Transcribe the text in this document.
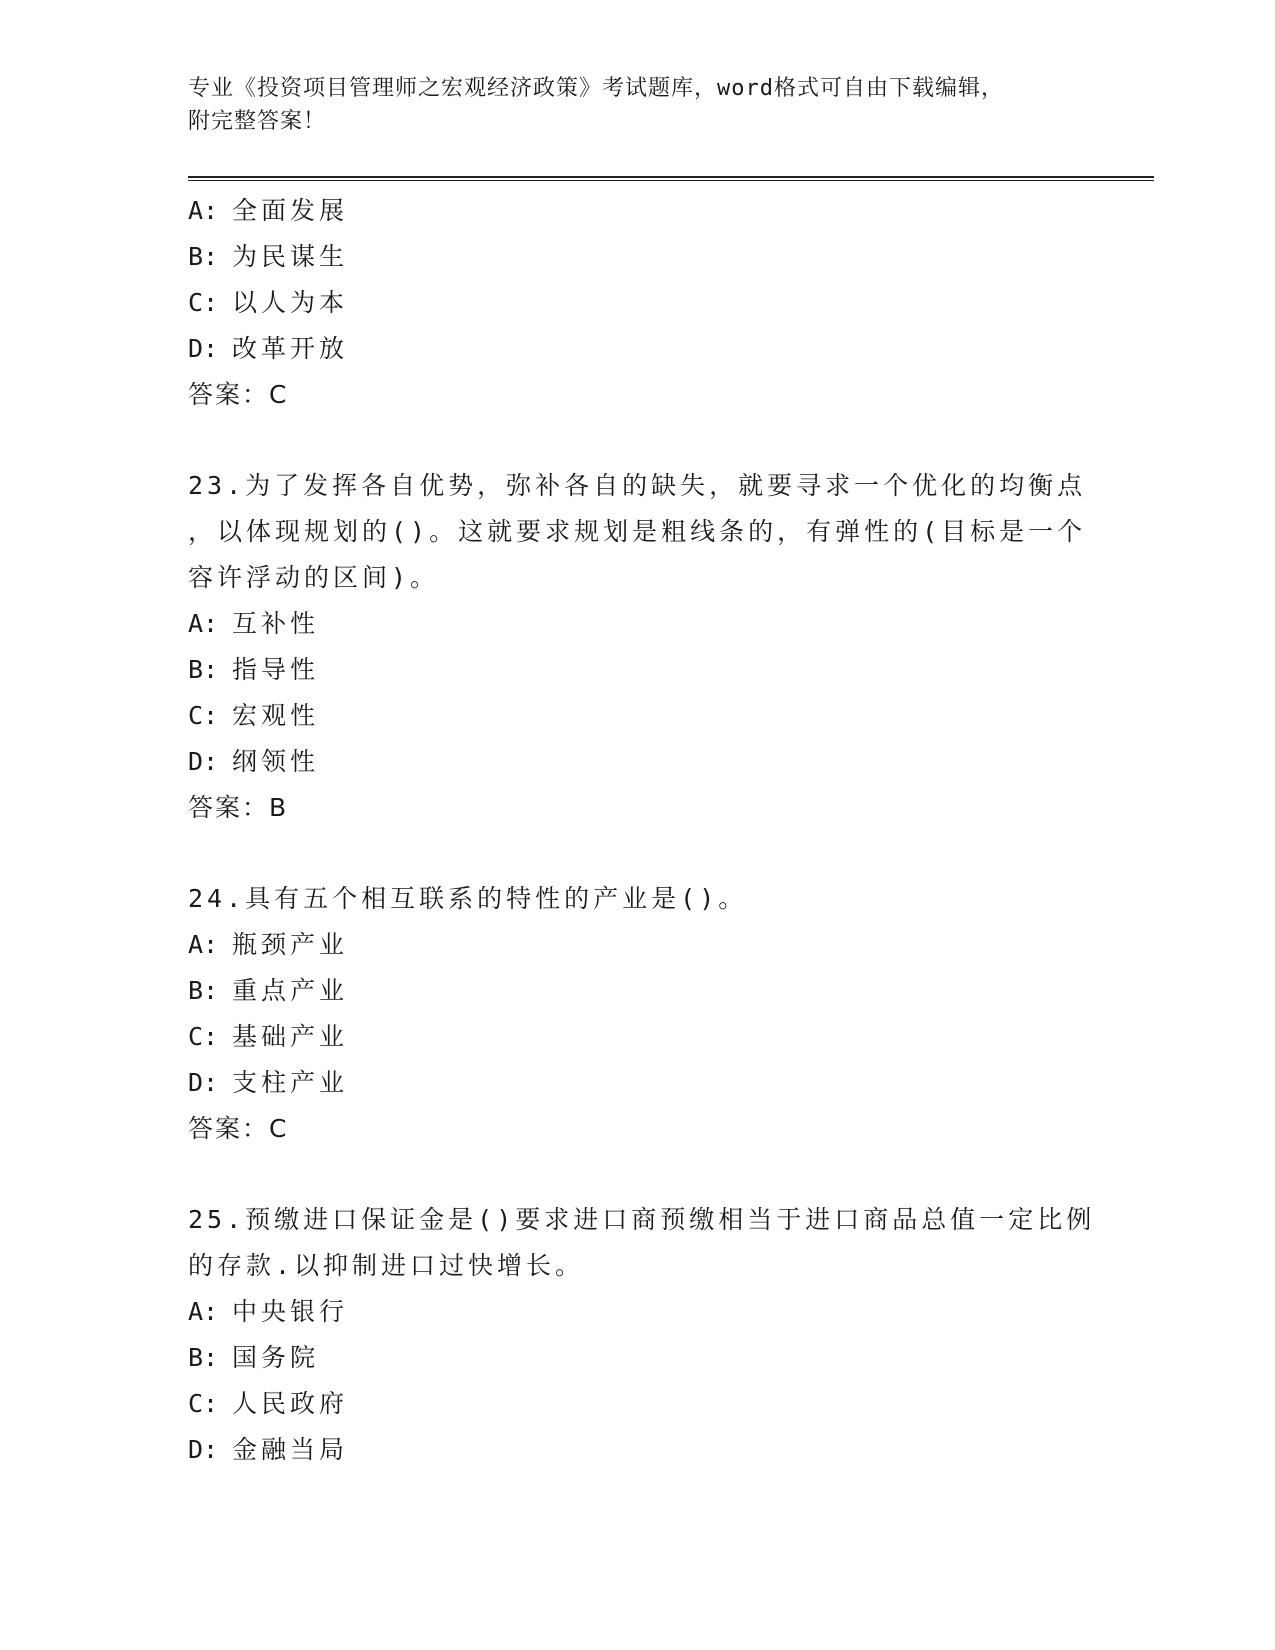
专业《投资项目管理师之宏观经济政策》考试题库，word格式可自由下载编辑，
附完整答案！
A: 全面发展
B: 为民谋生
C: 以人为本
D: 改革开放
答案：C
23.为了发挥各自优势，弥补各自的缺失，就要寻求一个优化的均衡点
，以体现规划的()。这就要求规划是粗线条的，有弹性的(目标是一个
容许浮动的区间)。
A: 互补性
B: 指导性
C: 宏观性
D: 纲领性
答案：B
24.具有五个相互联系的特性的产业是()。
A: 瓶颈产业
B: 重点产业
C: 基础产业
D: 支柱产业
答案：C
25.预缴进口保证金是()要求进口商预缴相当于进口商品总值一定比例
的存款.以抑制进口过快增长。
A: 中央银行
B: 国务院
C: 人民政府
D: 金融当局
